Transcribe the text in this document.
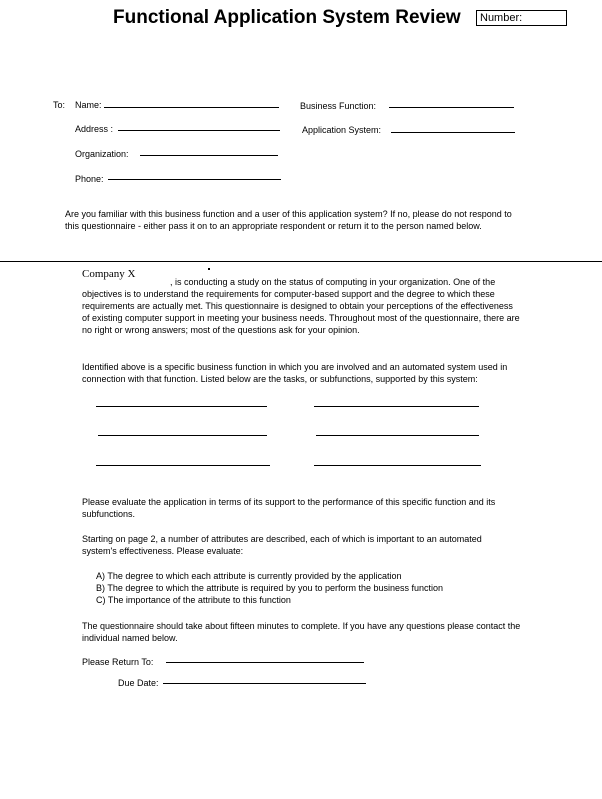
Functional Application System Review	Number:
To: Name:
Address :
Organization:
Phone:
Business Function:
Application System:
Are you familiar with this business function and a user of this application system? If no, please do not respond to this questionnaire - either pass it on to an appropriate respondent or return it to the person named below.
Company X
, is conducting a study on the status of computing in your organization. One of the objectives is to understand the requirements for computer-based support and the degree to which these requirements are actually met. This questionnaire is designed to obtain your perceptions of the effectiveness of existing computer support in meeting your business needs. Throughout most of the questionnaire, there are no right or wrong answers; most of the questions ask for your opinion.
Identified above is a specific business function in which you are involved and an automated system used in connection with that function. Listed below are the tasks, or subfunctions, supported by this system:
Please evaluate the application in terms of its support to the performance of this specific function and its subfunctions.
Starting on page 2, a number of attributes are described, each of which is important to an automated system's effectiveness. Please evaluate:
A) The degree to which each attribute is currently provided by the application
B) The degree to which the attribute is required by you to perform the business function
C) The importance of the attribute to this function
The questionnaire should take about fifteen minutes to complete. If you have any questions please contact the individual named below.
Please Return To:
Due Date:
